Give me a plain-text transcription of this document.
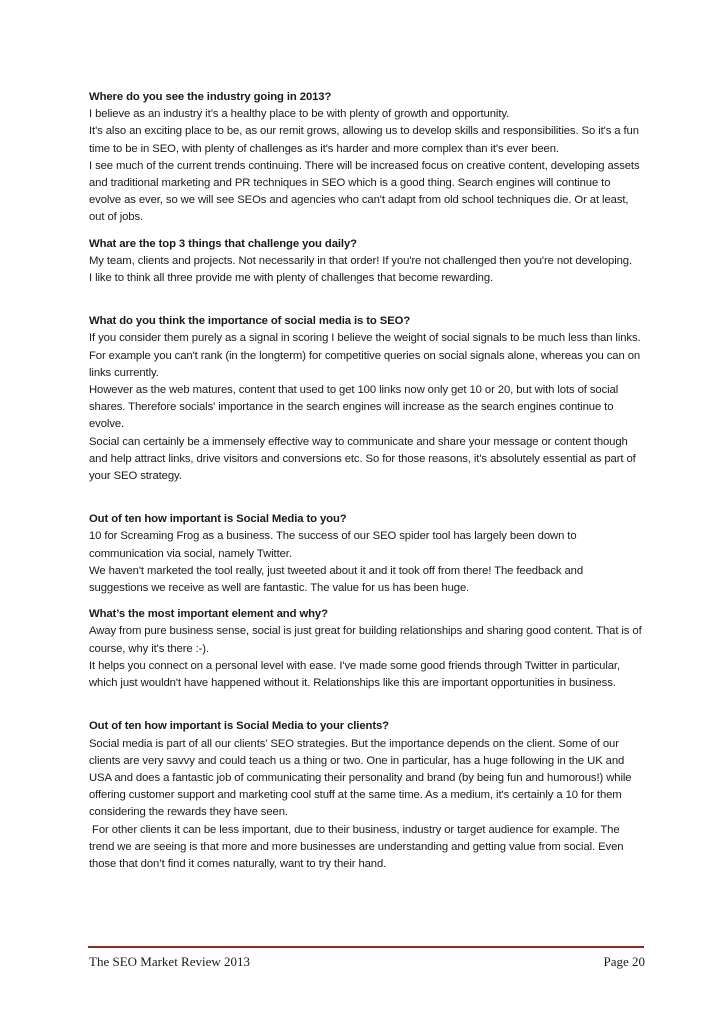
Where do you see the industry going in 2013?

I believe as an industry it’s a healthy place to be with plenty of growth and opportunity.

It's also an exciting place to be, as our remit grows, allowing us to develop skills and responsibilities. So it's a fun time to be in SEO, with plenty of challenges as it's harder and more complex than it's ever been.

I see much of the current trends continuing. There will be increased focus on creative content, developing assets and traditional marketing and PR techniques in SEO which is a good thing. Search engines will continue to evolve as ever, so we will see SEOs and agencies who can't adapt from old school techniques die. Or at least, out of jobs.

What are the top 3 things that challenge you daily?

My team, clients and projects. Not necessarily in that order! If you're not challenged then you're not developing.

I like to think all three provide me with plenty of challenges that become rewarding.

What do you think the importance of social media is to SEO?

If you consider them purely as a signal in scoring I believe the weight of social signals to be much less than links. For example you can't rank (in the longterm) for competitive queries on social signals alone, whereas you can on links currently.

However as the web matures, content that used to get 100 links now only get 10 or 20, but with lots of social shares. Therefore socials' importance in the search engines will increase as the search engines continue to evolve.

Social can certainly be a immensely effective way to communicate and share your message or content though and help attract links, drive visitors and conversions etc. So for those reasons, it's absolutely essential as part of your SEO strategy.

Out of ten how important is Social Media to you?

10 for Screaming Frog as a business. The success of our SEO spider tool has largely been down to communication via social, namely Twitter.

We haven't marketed the tool really, just tweeted about it and it took off from there! The feedback and suggestions we receive as well are fantastic. The value for us has been huge.

What’s the most important element and why?

Away from pure business sense, social is just great for building relationships and sharing good content. That is of course, why it's there :-).

It helps you connect on a personal level with ease. I've made some good friends through Twitter in particular, which just wouldn't have happened without it. Relationships like this are important opportunities in business.

Out of ten how important is Social Media to your clients?

Social media is part of all our clients’ SEO strategies. But the importance depends on the client. Some of our clients are very savvy and could teach us a thing or two. One in particular, has a huge following in the UK and USA and does a fantastic job of communicating their personality and brand (by being fun and humorous!) while offering customer support and marketing cool stuff at the same time. As a medium, it's certainly a 10 for them considering the rewards they have seen.

For other clients it can be less important, due to their business, industry or target audience for example. The trend we are seeing is that more and more businesses are understanding and getting value from social. Even those that don’t find it comes naturally, want to try their hand.

The SEO Market Review 2013	Page 20
